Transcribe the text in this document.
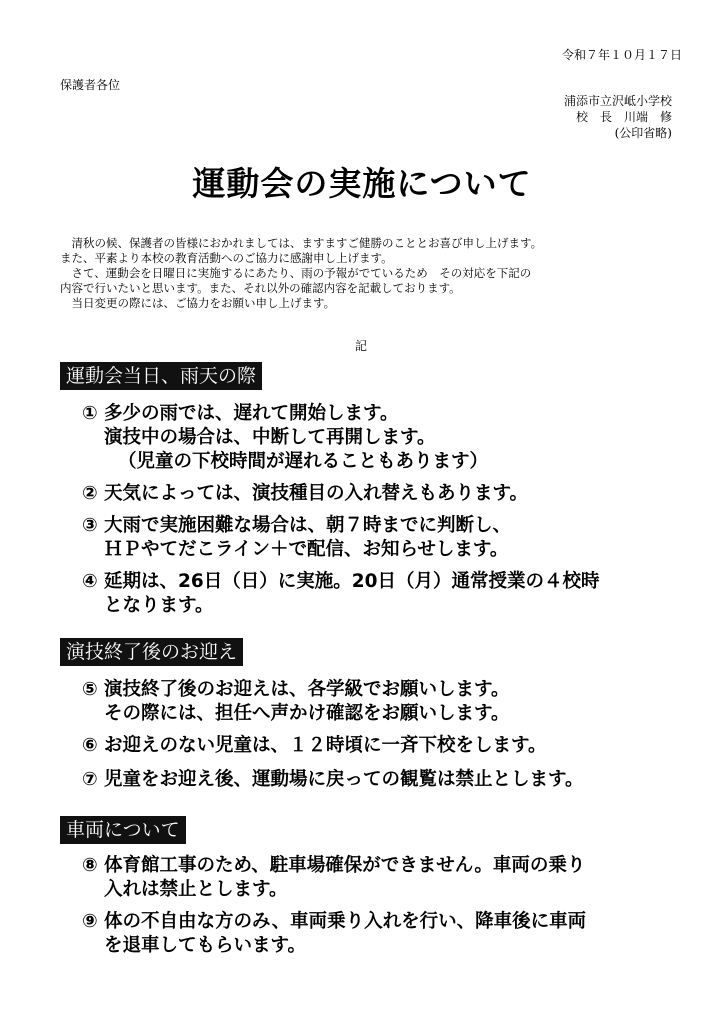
令和７年１０月１７日
保護者各位
浦添市立沢岻小学校
校　長　川端　修
(公印省略)
運動会の実施について
　清秋の候、保護者の皆様におかれましては、ますますご健勝のこととお喜び申し上げます。
また、平素より本校の教育活動へのご協力に感謝申し上げます。
　さて、運動会を日曜日に実施するにあたり、雨の予報がでているため　その対応を下記の
内容で行いたいと思います。また、それ以外の確認内容を記載しております。
　当日変更の際には、ご協力をお願い申し上げます。
記
運動会当日、雨天の際
① 多少の雨では、遅れて開始します。
演技中の場合は、中断して再開します。
（児童の下校時間が遅れることもあります）
② 天気によっては、演技種目の入れ替えもあります。
③ 大雨で実施困難な場合は、朝７時までに判断し、
ＨＰやてだこライン＋で配信、お知らせします。
④ 延期は、26日（日）に実施。20日（月）通常授業の４校時
となります。
演技終了後のお迎え
⑤ 演技終了後のお迎えは、各学級でお願いします。
その際には、担任へ声かけ確認をお願いします。
⑥ お迎えのない児童は、１２時頃に一斉下校をします。
⑦ 児童をお迎え後、運動場に戻っての観覧は禁止とします。
車両について
⑧ 体育館工事のため、駐車場確保ができません。車両の乗り
入れは禁止とします。
⑨ 体の不自由な方のみ、車両乗り入れを行い、降車後に車両
を退車してもらいます。
